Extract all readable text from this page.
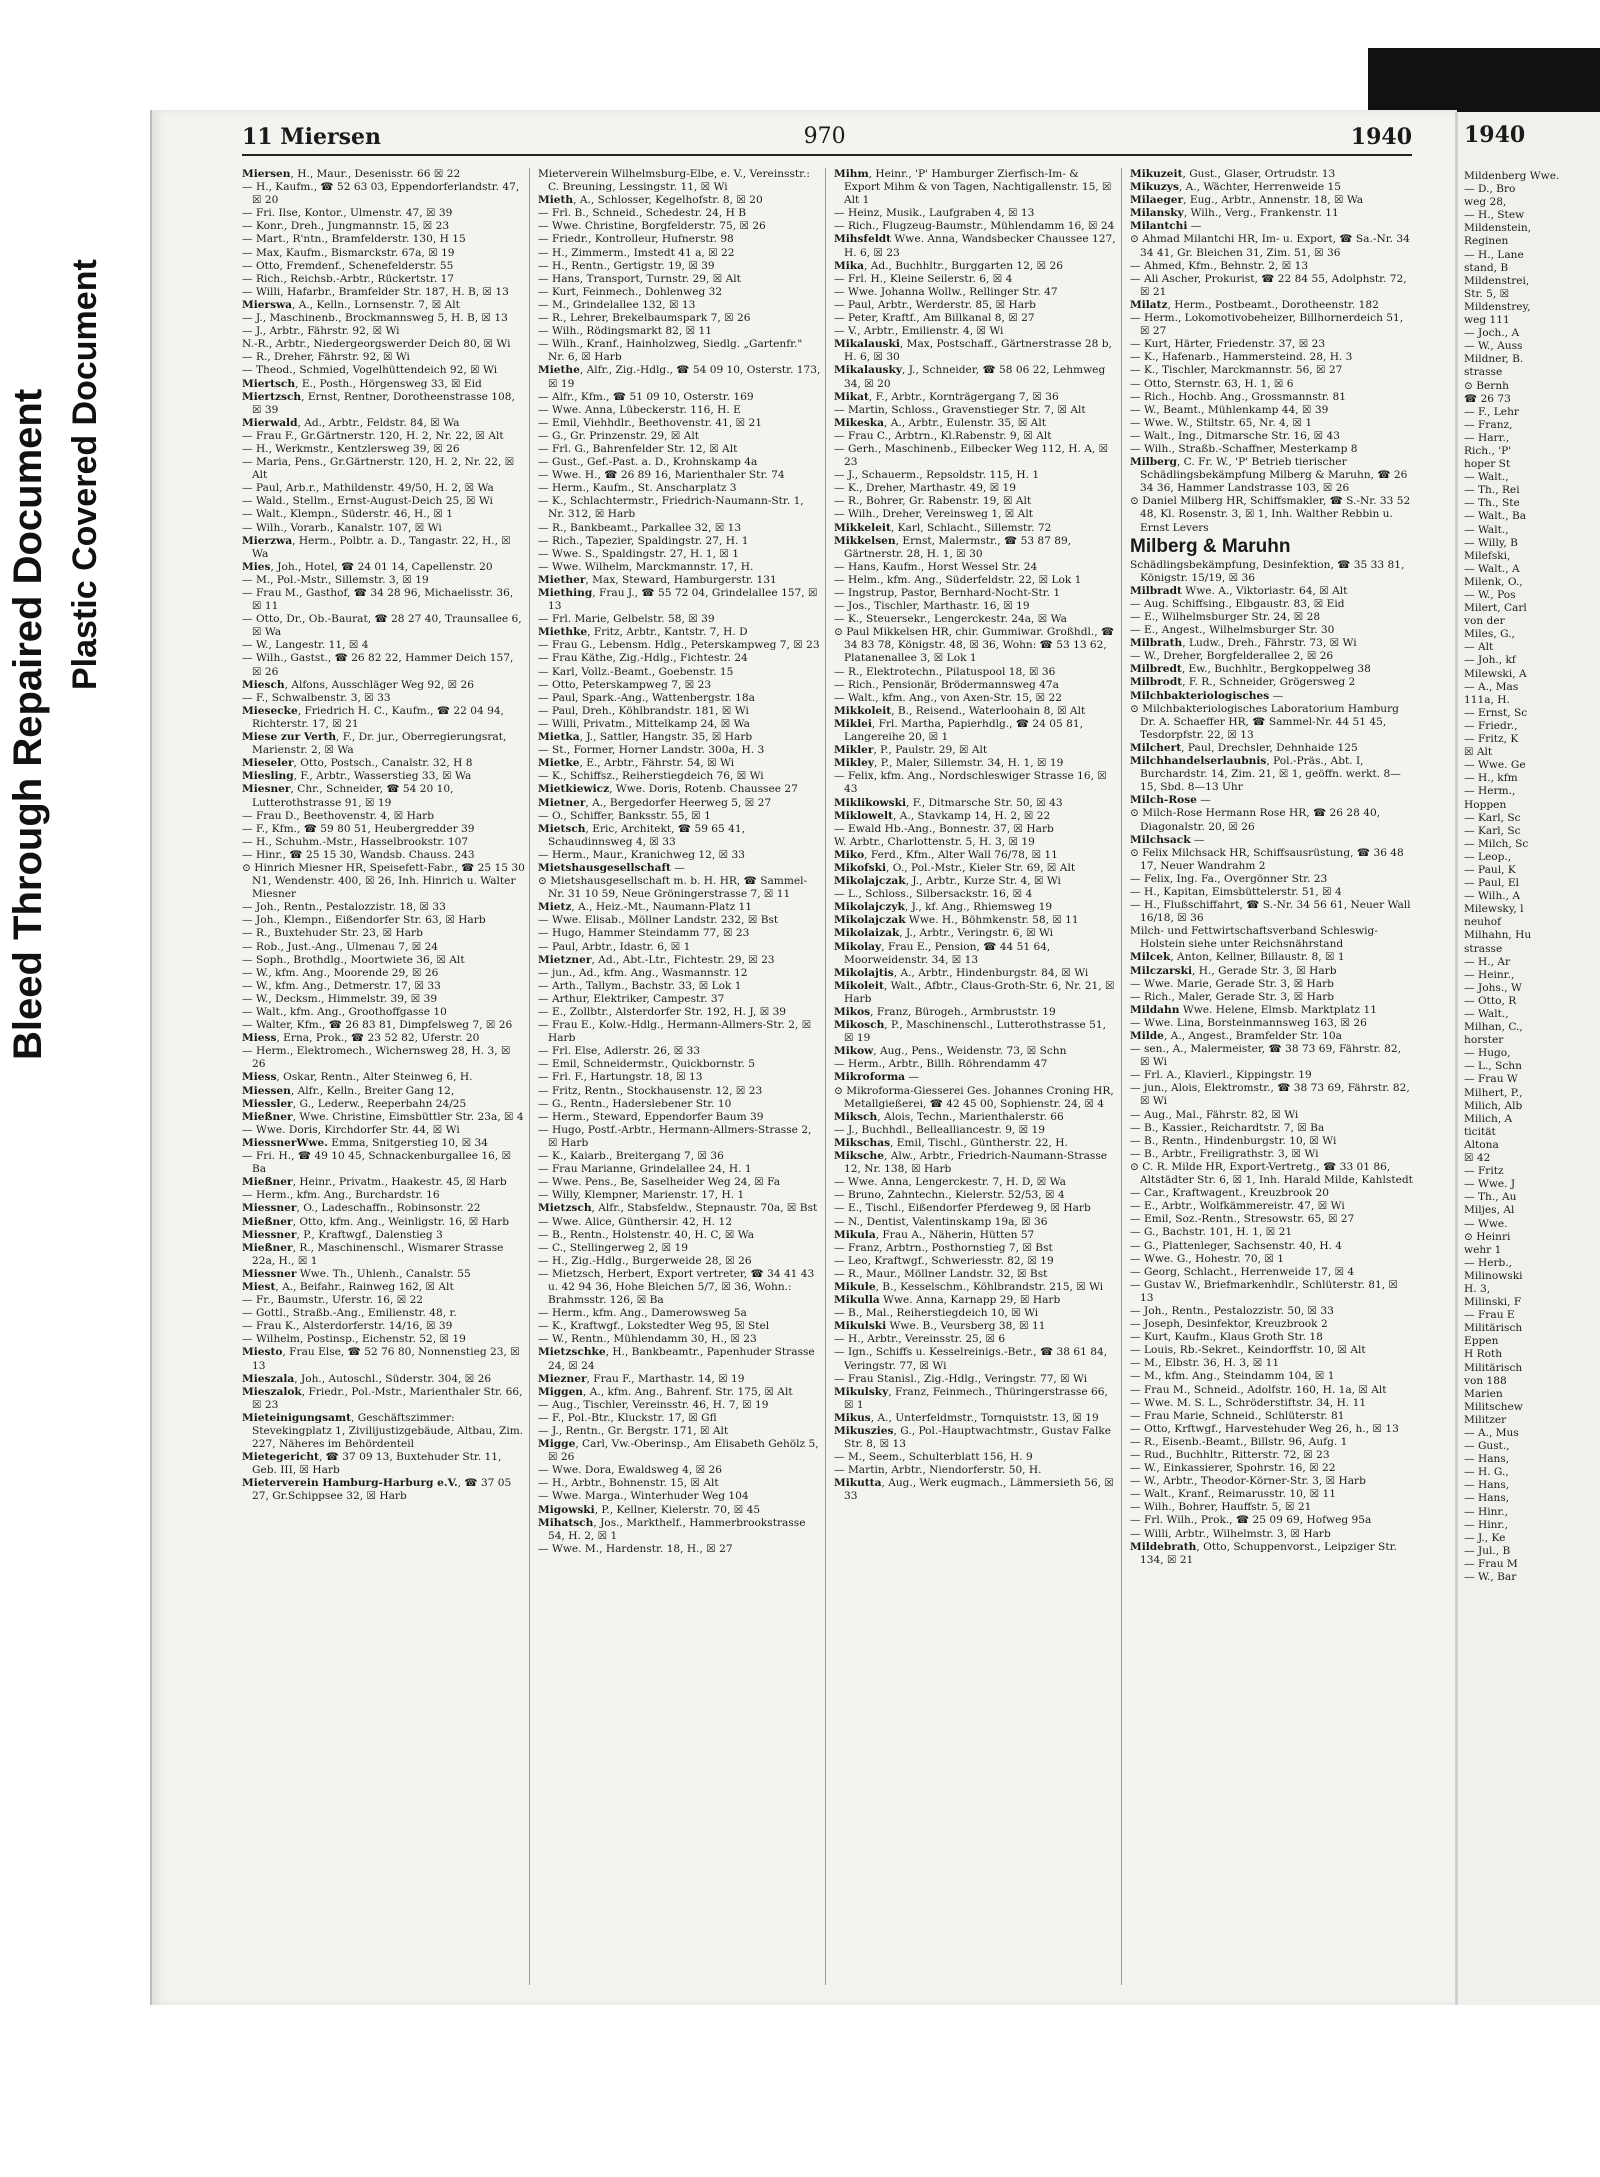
Bleed Through Repaired Document Plastic Covered Document
11 Miersen	970	1940

Miersen, H., Maur., Desenisstr. 66 ☒ 22

— H., Kaufm., ☎ 52 63 03, Eppendorferlandstr. 47, ☒ 20

— Fri. Ilse, Kontor., Ulmenstr. 47, ☒ 39

— Konr., Dreh., Jungmannstr. 15, ☒ 23

— Mart., R'ntn., Bramfelderstr. 130, H 15

— Max, Kaufm., Bismarckstr. 67a, ☒ 19

— Otto, Fremdenf., Schenefelderstr. 55

— Rich., Reichsb.-Arbtr., Rückertstr. 17

— Willi, Hafarbr., Bramfelder Str. 187, H. B, ☒ 13

Mierswa, A., Kelln., Lornsenstr. 7, ☒ Alt

— J., Maschinenb., Brockmannsweg 5, H. B, ☒ 13

— J., Arbtr., Fährstr. 92, ☒ Wi

N.-R., Arbtr., Niedergeorgswerder Deich 80, ☒ Wi

— R., Dreher, Fährstr. 92, ☒ Wi

— Theod., Schmied, Vogelhüttendeich 92, ☒ Wi

Miertsch, E., Posth., Hörgensweg 33, ☒ Eid

Miertzsch, Ernst, Rentner, Dorotheenstrasse 108, ☒ 39

Mierwald, Ad., Arbtr., Feldstr. 84, ☒ Wa

— Frau F., Gr.Gärtnerstr. 120, H. 2, Nr. 22, ☒ Alt

— H., Werkmstr., Kentzlersweg 39, ☒ 26

— Maria, Pens., Gr.Gärtnerstr. 120, H. 2, Nr. 22, ☒ Alt

— Paul, Arb.r., Mathildenstr. 49/50, H. 2, ☒ Wa

— Wald., Stellm., Ernst-August-Deich 25, ☒ Wi

— Walt., Klempn., Süderstr. 46, H., ☒ 1

— Wilh., Vorarb., Kanalstr. 107, ☒ Wi

Mierzwa, Herm., Polbtr. a. D., Tangastr. 22, H., ☒ Wa

Mies, Joh., Hotel, ☎ 24 01 14, Capellenstr. 20

— M., Pol.-Mstr., Sillemstr. 3, ☒ 19

— Frau M., Gasthof, ☎ 34 28 96, Michaelisstr. 36, ☒ 11

— Otto, Dr., Ob.-Baurat, ☎ 28 27 40, Traunsallee 6, ☒ Wa

— W., Langestr. 11, ☒ 4

— Wilh., Gastst., ☎ 26 82 22, Hammer Deich 157, ☒ 26

Miesch, Alfons, Ausschläger Weg 92, ☒ 26

— F., Schwalbenstr. 3, ☒ 33

Miesecke, Friedrich H. C., Kaufm., ☎ 22 04 94, Richterstr. 17, ☒ 21

Miese zur Verth, F., Dr. jur., Oberregierungsrat, Marienstr. 2, ☒ Wa

Mieseler, Otto, Postsch., Canalstr. 32, H 8

Miesling, F., Arbtr., Wasserstieg 33, ☒ Wa

Miesner, Chr., Schneider, ☎ 54 20 10, Lutterothstrasse 91, ☒ 19

— Frau D., Beethovenstr. 4, ☒ Harb

— F., Kfm., ☎ 59 80 51, Heubergredder 39

— H., Schuhm.-Mstr., Hasselbrookstr. 107

— Hinr., ☎ 25 15 30, Wandsb. Chauss. 243

⊙ Hinrich Miesner HR, Speisefett-Fabr., ☎ 25 15 30 N1, Wendenstr. 400, ☒ 26, Inh. Hinrich u. Walter Miesner

— Joh., Rentn., Pestalozzistr. 18, ☒ 33

— Joh., Klempn., Eißendorfer Str. 63, ☒ Harb

— R., Buxtehuder Str. 23, ☒ Harb

— Rob., Just.-Ang., Ulmenau 7, ☒ 24

— Soph., Brothdlg., Moortwiete 36, ☒ Alt

— W., kfm. Ang., Moorende 29, ☒ 26

— W., kfm. Ang., Detmerstr. 17, ☒ 33

— W., Decksm., Himmelstr. 39, ☒ 39

— Walt., kfm. Ang., Groothoffgasse 10

— Walter, Kfm., ☎ 26 83 81, Dimpfelsweg 7, ☒ 26

Miess, Erna, Prok., ☎ 23 52 82, Uferstr. 20

— Herm., Elektromech., Wichernsweg 28, H. 3, ☒ 26

Miess, Oskar, Rentn., Alter Steinweg 6, H.

Miessen, Alfr., Kelln., Breiter Gang 12,

Miessler, G., Lederw., Reeperbahn 24/25

Mießner, Wwe. Christine, Eimsbüttler Str. 23a, ☒ 4

— Wwe. Doris, Kirchdorfer Str. 44, ☒ Wi

MiessnerWwe. Emma, Snitgerstieg 10, ☒ 34

— Fri. H., ☎ 49 10 45, Schnackenburgallee 16, ☒ Ba

Mießner, Heinr., Privatm., Haakestr. 45, ☒ Harb

— Herm., kfm. Ang., Burchardstr. 16

Miessner, O., Ladeschaffn., Robinsonstr. 22

Mießner, Otto, kfm. Ang., Weinligstr. 16, ☒ Harb

Miessner, P., Kraftwgf., Dalenstieg 3

Mießner, R., Maschinenschl., Wismarer Strasse 22a, H., ☒ 1

Miessner Wwe. Th., Uhlenh., Canalstr. 55

Miest, A., Beifahr., Rainweg 162, ☒ Alt

— Fr., Baumstr., Uferstr. 16, ☒ 22

— Gottl., Straßb.-Ang., Emilienstr. 48, r.

— Frau K., Alsterdorferstr. 14/16, ☒ 39

— Wilhelm, Postinsp., Eichenstr. 52, ☒ 19

Miesto, Frau Else, ☎ 52 76 80, Nonnenstieg 23, ☒ 13

Mieszala, Joh., Autoschl., Süderstr. 304, ☒ 26

Mieszalok, Friedr., Pol.-Mstr., Marienthaler Str. 66, ☒ 23

Mieteinigungsamt, Geschäftszimmer: Stevekingplatz 1, Zivilijustizgebäude, Altbau, Zim. 227, Näheres im Behördenteil

Mietegericht, ☎ 37 09 13, Buxtehuder Str. 11, Geb. III, ☒ Harb

Mieterverein Hamburg-Harburg e.V., ☎ 37 05 27, Gr.Schippsee 32, ☒ Harb

Mieterverein Wilhelmsburg-Elbe, e. V., Vereinsstr.: C. Breuning, Lessingstr. 11, ☒ Wi

Mieth, A., Schlosser, Kegelhofstr. 8, ☒ 20

— Frl. B., Schneid., Schedestr. 24, H B

— Wwe. Christine, Borgfelderstr. 75, ☒ 26

— Friedr., Kontrolleur, Hufnerstr. 98

— H., Zimmerm., Imstedt 41 a, ☒ 22

— H., Rentn., Gertigstr. 19, ☒ 39

— Hans, Transport, Turnstr. 29, ☒ Alt

— Kurt, Feinmech., Dohlenweg 32

— M., Grindelallee 132, ☒ 13

— R., Lehrer, Brekelbaumspark 7, ☒ 26

— Wilh., Rödingsmarkt 82, ☒ 11

— Wilh., Kranf., Hainholzweg, Siedlg. „Gartenfr." Nr. 6, ☒ Harb

Miethe, Alfr., Zig.-Hdlg., ☎ 54 09 10, Osterstr. 173, ☒ 19

— Alfr., Kfm., ☎ 51 09 10, Osterstr. 169

— Wwe. Anna, Lübeckerstr. 116, H. E

— Emil, Viehhdlr., Beethovenstr. 41, ☒ 21

— G., Gr. Prinzenstr. 29, ☒ Alt

— Frl. G., Bahrenfelder Str. 12, ☒ Alt

— Gust., Gef.-Past. a. D., Krohnskamp 4a

— Wwe. H., ☎ 26 89 16, Marienthaler Str. 74

— Herm., Kaufm., St. Anscharplatz 3

— K., Schlachtermstr., Friedrich-Naumann-Str. 1, Nr. 312, ☒ Harb

— R., Bankbeamt., Parkallee 32, ☒ 13

— Rich., Tapezier, Spaldingstr. 27, H. 1

— Wwe. S., Spaldingstr. 27, H. 1, ☒ 1

— Wwe. Wilhelm, Marckmannstr. 17, H.

Miether, Max, Steward, Hamburgerstr. 131

Miething, Frau J., ☎ 55 72 04, Grindelallee 157, ☒ 13

— Frl. Marie, Gelbelstr. 58, ☒ 39

Miethke, Fritz, Arbtr., Kantstr. 7, H. D

— Frau G., Lebensm. Hdlg., Peterskampweg 7, ☒ 23

— Frau Käthe, Zig.-Hdlg., Fichtestr. 24

— Karl, Vollz.-Beamt., Goebenstr. 15

— Otto, Peterskampweg 7, ☒ 23

— Paul, Spark.-Ang., Wattenbergstr. 18a

— Paul, Dreh., Köhlbrandstr. 181, ☒ Wi

— Willi, Privatm., Mittelkamp 24, ☒ Wa

Mietka, J., Sattler, Hangstr. 35, ☒ Harb

— St., Former, Horner Landstr. 300a, H. 3

Mietke, E., Arbtr., Fährstr. 54, ☒ Wi

— K., Schiffsz., Reiherstiegdeich 76, ☒ Wi

Mietkiewicz, Wwe. Doris, Rotenb. Chaussee 27

Mietner, A., Bergedorfer Heerweg 5, ☒ 27

— O., Schiffer, Banksstr. 55, ☒ 1

Mietsch, Eric, Architekt, ☎ 59 65 41, Schaudinnsweg 4, ☒ 33

— Herm., Maur., Kranichweg 12, ☒ 33

Mietshausgesellschaft —

⊙ Mietshausgesellschaft m. b. H. HR, ☎ Sammel-Nr. 31 10 59, Neue Gröningerstrasse 7, ☒ 11

Mietz, A., Heiz.-Mt., Naumann-Platz 11

— Wwe. Elisab., Möllner Landstr. 232, ☒ Bst

— Hugo, Hammer Steindamm 77, ☒ 23

— Paul, Arbtr., Idastr. 6, ☒ 1

Mietzner, Ad., Abt.-Ltr., Fichtestr. 29, ☒ 23

— jun., Ad., kfm. Ang., Wasmannstr. 12

— Arth., Tallym., Bachstr. 33, ☒ Lok 1

— Arthur, Elektriker, Campestr. 37

— E., Zollbtr., Alsterdorfer Str. 192, H. J, ☒ 39

— Frau E., Kolw.-Hdlg., Hermann-Allmers-Str. 2, ☒ Harb

— Frl. Else, Adlerstr. 26, ☒ 33

— Emil, Schneidermstr., Quickbornstr. 5

— Frl. F., Hartungstr. 18, ☒ 13

— Fritz, Rentn., Stockhausenstr. 12, ☒ 23

— G., Rentn., Haderslebener Str. 10

— Herm., Steward, Eppendorfer Baum 39

— Hugo, Postf.-Arbtr., Hermann-Allmers-Strasse 2, ☒ Harb

— K., Kaiarb., Breitergang 7, ☒ 36

— Frau Marianne, Grindelallee 24, H. 1

— Wwe. Pens., Be, Saselheider Weg 24, ☒ Fa

— Willy, Klempner, Marienstr. 17, H. 1

Mietzsch, Alfr., Stabsfeldw., Stepnaustr. 70a, ☒ Bst

— Wwe. Alice, Günthersir. 42, H. 12

— B., Rentn., Holstenstr. 40, H. C, ☒ Wa

— C., Stellingerweg 2, ☒ 19

— H., Zig.-Hdlg., Burgerweide 28, ☒ 26

— Mietzsch, Herbert, Export vertreter, ☎ 34 41 43 u. 42 94 36, Hohe Bleichen 5/7, ☒ 36, Wohn.: Brahmsstr. 126, ☒ Ba

— Herm., kfm. Ang., Damerowsweg 5a

— K., Kraftwgf., Lokstedter Weg 95, ☒ Stel

— W., Rentn., Mühlendamm 30, H., ☒ 23

Mietzschke, H., Bankbeamtr., Papenhuder Strasse 24, ☒ 24

Miezner, Frau F., Marthastr. 14, ☒ 19

Miggen, A., kfm. Ang., Bahrenf. Str. 175, ☒ Alt

— Aug., Tischler, Vereinsstr. 46, H. 7, ☒ 19

— F., Pol.-Btr., Kluckstr. 17, ☒ Gfl

— J., Rentn., Gr. Bergstr. 171, ☒ Alt

Migge, Carl, Vw.-Oberinsp., Am Elisabeth Gehölz 5, ☒ 26

— Wwe. Dora, Ewaldsweg 4, ☒ 26

— H., Arbtr., Bohnenstr. 15, ☒ Alt

— Wwe. Marga., Winterhuder Weg 104

Migowski, P., Kellner, Kielerstr. 70, ☒ 45

Mihatsch, Jos., Markthelf., Hammerbrookstrasse 54, H. 2, ☒ 1

— Wwe. M., Hardenstr. 18, H., ☒ 27

Mihm, Heinr., 'P' Hamburger Zierfisch-Im- & Export Mihm & von Tagen, Nachtigallenstr. 15, ☒ Alt 1

— Heinz, Musik., Laufgraben 4, ☒ 13

— Rich., Flugzeug-Baumstr., Mühlendamm 16, ☒ 24

Mihsfeldt Wwe. Anna, Wandsbecker Chaussee 127, H. 6, ☒ 23

Mika, Ad., Buchhltr., Burggarten 12, ☒ 26

— Frl. H., Kleine Seilerstr. 6, ☒ 4

— Wwe. Johanna Wollw., Rellinger Str. 47

— Paul, Arbtr., Werderstr. 85, ☒ Harb

— Peter, Kraftf., Am Billkanal 8, ☒ 27

— V., Arbtr., Emilienstr. 4, ☒ Wi

Mikalauski, Max, Postschaff., Gärtnerstrasse 28 b, H. 6, ☒ 30

Mikalausky, J., Schneider, ☎ 58 06 22, Lehmweg 34, ☒ 20

Mikat, F., Arbtr., Kornträgergang 7, ☒ 36

— Martin, Schloss., Gravenstieger Str. 7, ☒ Alt

Mikeska, A., Arbtr., Eulenstr. 35, ☒ Alt

— Frau C., Arbtrn., Kl.Rabenstr. 9, ☒ Alt

— Gerh., Maschinenb., Eilbecker Weg 112, H. A, ☒ 23

— J., Schauerm., Repsoldstr. 115, H. 1

— K., Dreher, Marthastr. 49, ☒ 19

— R., Bohrer, Gr. Rabenstr. 19, ☒ Alt

— Wilh., Dreher, Vereinsweg 1, ☒ Alt

Mikkeleit, Karl, Schlacht., Sillemstr. 72

Mikkelsen, Ernst, Malermstr., ☎ 53 87 89, Gärtnerstr. 28, H. 1, ☒ 30

— Hans, Kaufm., Horst Wessel Str. 24

— Helm., kfm. Ang., Süderfeldstr. 22, ☒ Lok 1

— Ingstrup, Pastor, Bernhard-Nocht-Str. 1

— Jos., Tischler, Marthastr. 16, ☒ 19

— K., Steuersekr., Lengerckestr. 24a, ☒ Wa

⊙ Paul Mikkelsen HR, chir. Gummiwar. Großhdl., ☎ 34 83 78, Königstr. 48, ☒ 36, Wohn: ☎ 53 13 62, Platanenallee 3, ☒ Lok 1

— R., Elektrotechn., Pilatuspool 18, ☒ 36

— Rich., Pensionär, Brödermannsweg 47a

— Walt., kfm. Ang., von Axen-Str. 15, ☒ 22

Mikkoleit, B., Reisend., Waterloohain 8, ☒ Alt

Miklei, Frl. Martha, Papierhdlg., ☎ 24 05 81, Langereihe 20, ☒ 1

Mikler, P., Paulstr. 29, ☒ Alt

Mikley, P., Maler, Sillemstr. 34, H. 1, ☒ 19

— Felix, kfm. Ang., Nordschleswiger Strasse 16, ☒ 43

Miklikowski, F., Ditmarsche Str. 50, ☒ 43

Miklowelt, A., Stavkamp 14, H. 2, ☒ 22

— Ewald Hb.-Ang., Bonnestr. 37, ☒ Harb

W. Arbtr., Charlottenstr. 5, H. 3, ☒ 19

Miko, Ferd., Kfm., Alter Wall 76/78, ☒ 11

Mikofski, O., Pol.-Mstr., Kieler Str. 69, ☒ Alt

Mikolajczak, J., Arbtr., Kurze Str. 4, ☒ Wi

— L., Schloss., Silbersackstr. 16, ☒ 4

Mikolajczyk, J., kf. Ang., Rhiemsweg 19

Mikolajczak Wwe. H., Böhmkenstr. 58, ☒ 11

Mikolaizak, J., Arbtr., Veringstr. 6, ☒ Wi

Mikolay, Frau E., Pension, ☎ 44 51 64, Moorweidenstr. 34, ☒ 13

Mikolajtis, A., Arbtr., Hindenburgstr. 84, ☒ Wi

Mikoleit, Walt., Afbtr., Claus-Groth-Str. 6, Nr. 21, ☒ Harb

Mikos, Franz, Bürogeh., Armbruststr. 19

Mikosch, P., Maschinenschl., Lutterothstrasse 51, ☒ 19

Mikow, Aug., Pens., Weidenstr. 73, ☒ Schn

— Herm., Arbtr., Billh. Röhrendamm 47

Mikroforma —

⊙ Mikroforma-Giesserei Ges. Johannes Croning HR, Metallgießerei, ☎ 42 45 00, Sophienstr. 24, ☒ 4

Miksch, Alois, Techn., Marienthalerstr. 66

— J., Buchhdl., Bellealliancestr. 9, ☒ 19

Mikschas, Emil, Tischl., Güntherstr. 22, H.

Miksche, Alw., Arbtr., Friedrich-Naumann-Strasse 12, Nr. 138, ☒ Harb

— Wwe. Anna, Lengerckestr. 7, H. D, ☒ Wa

— Bruno, Zahntechn., Kielerstr. 52/53, ☒ 4

— E., Tischl., Eißendorfer Pferdeweg 9, ☒ Harb

— N., Dentist, Valentinskamp 19a, ☒ 36

Mikula, Frau A., Näherin, Hütten 57

— Franz, Arbtrn., Posthornstieg 7, ☒ Bst

— Leo, Kraftwgf., Schweriesstr. 82, ☒ 19

— R., Maur., Möllner Landstr. 32, ☒ Bst

Mikule, B., Kesselschm., Köhlbrandstr. 215, ☒ Wi

Mikulla Wwe. Anna, Karnapp 29, ☒ Harb

— B., Mal., Reiherstiegdeich 10, ☒ Wi

Mikulski Wwe. B., Veursberg 38, ☒ 11

— H., Arbtr., Vereinsstr. 25, ☒ 6

— Ign., Schiffs u. Kesselreinigs.-Betr., ☎ 38 61 84, Veringstr. 77, ☒ Wi

— Frau Stanisl., Zig.-Hdlg., Veringstr. 77, ☒ Wi

Mikulsky, Franz, Feinmech., Thüringerstrasse 66, ☒ 1

Mikus, A., Unterfeldmstr., Tornquiststr. 13, ☒ 19

Mikuszies, G., Pol.-Hauptwachtmstr., Gustav Falke Str. 8, ☒ 13

— M., Seem., Schulterblatt 156, H. 9

— Martin, Arbtr., Niendorferstr. 50, H.

Mikutta, Aug., Werk eugmach., Lämmersieth 56, ☒ 33

Mikuzeit, Gust., Glaser, Ortrudstr. 13

Mikuzys, A., Wächter, Herrenweide 15

Milaeger, Eug., Arbtr., Annenstr. 18, ☒ Wa

Milansky, Wilh., Verg., Frankenstr. 11

Milantchi —

⊙ Ahmad Milantchi HR, Im- u. Export, ☎ Sa.-Nr. 34 34 41, Gr. Bleichen 31, Zim. 51, ☒ 36

— Ahmed, Kfm., Behnstr. 2, ☒ 13

— Ali Ascher, Prokurist, ☎ 22 84 55, Adolphstr. 72, ☒ 21

Milatz, Herm., Postbeamt., Dorotheenstr. 182

— Herm., Lokomotivobeheizer, Billhornerdeich 51, ☒ 27

— Kurt, Härter, Friedenstr. 37, ☒ 23

— K., Hafenarb., Hammersteind. 28, H. 3

— K., Tischler, Marckmannstr. 56, ☒ 27

— Otto, Sternstr. 63, H. 1, ☒ 6

— Rich., Hochb. Ang., Grossmannstr. 81

— W., Beamt., Mühlenkamp 44, ☒ 39

— Wwe. W., Stiltstr. 65, Nr. 4, ☒ 1

— Walt., Ing., Ditmarsche Str. 16, ☒ 43

— Wilh., Straßb.-Schaffner, Mesterkamp 8

Milberg, C. Fr. W., 'P' Betrieb tierischer Schädlingsbekämpfung Milberg & Maruhn, ☎ 26 34 36, Hammer Landstrasse 103, ☒ 26

⊙ Daniel Milberg HR, Schiffsmakler, ☎ S.-Nr. 33 52 48, Kl. Rosenstr. 3, ☒ 1, Inh. Walther Rebbin u. Ernst Levers

Milberg & Maruhn

Schädlingsbekämpfung, Desinfektion, ☎ 35 33 81, Königstr. 15/19, ☒ 36

Milbradt Wwe. A., Viktoriastr. 64, ☒ Alt

— Aug. Schiffsing., Elbgaustr. 83, ☒ Eid

— E., Wilhelmsburger Str. 24, ☒ 28

— E., Angest., Wilhelmsburger Str. 30

Milbrath, Ludw., Dreh., Fährstr. 73, ☒ Wi

— W., Dreher, Borgfelderallee 2, ☒ 26

Milbredt, Ew., Buchhltr., Bergkoppelweg 38

Milbrodt, F. R., Schneider, Grögersweg 2

Milchbakteriologisches —

⊙ Milchbakteriologisches Laboratorium Hamburg Dr. A. Schaeffer HR, ☎ Sammel-Nr. 44 51 45, Tesdorpfstr. 22, ☒ 13

Milchert, Paul, Drechsler, Dehnhaide 125

Milchhandelserlaubnis, Pol.-Präs., Abt. I, Burchardstr. 14, Zim. 21, ☒ 1, geöffn. werkt. 8—15, Sbd. 8—13 Uhr

Milch-Rose —

⊙ Milch-Rose Hermann Rose HR, ☎ 26 28 40, Diagonalstr. 20, ☒ 26

Milchsack —

⊙ Felix Milchsack HR, Schiffsausrüstung, ☎ 36 48 17, Neuer Wandrahm 2

— Felix, Ing. Fa., Overgönner Str. 23

— H., Kapitan, Eimsbüttelerstr. 51, ☒ 4

— H., Flußschiffahrt, ☎ S.-Nr. 34 56 61, Neuer Wall 16/18, ☒ 36

Milch- und Fettwirtschaftsverband Schleswig-Holstein siehe unter Reichsnährstand

Milcek, Anton, Kellner, Billaustr. 8, ☒ 1

Milczarski, H., Gerade Str. 3, ☒ Harb

— Wwe. Marie, Gerade Str. 3, ☒ Harb

— Rich., Maler, Gerade Str. 3, ☒ Harb

Mildahn Wwe. Helene, Elmsb. Marktplatz 11

— Wwe. Lina, Borsteinmannsweg 163, ☒ 26

Milde, A., Angest., Bramfelder Str. 10a

— sen., A., Malermeister, ☎ 38 73 69, Fährstr. 82, ☒ Wi

— Frl. A., Klavierl., Kippingstr. 19

— jun., Alois, Elektromstr., ☎ 38 73 69, Fährstr. 82, ☒ Wi

— Aug., Mal., Fährstr. 82, ☒ Wi

— B., Kassier., Reichardtstr. 7, ☒ Ba

— B., Rentn., Hindenburgstr. 10, ☒ Wi

— B., Arbtr., Freiligrathstr. 3, ☒ Wi

⊙ C. R. Milde HR, Export-Vertretg., ☎ 33 01 86, Altstädter Str. 6, ☒ 1, Inh. Harald Milde, Kahlstedt

— Car., Kraftwagent., Kreuzbrook 20

— E., Arbtr., Wolfkämmereistr. 47, ☒ Wi

— Emil, Soz.-Rentn., Stresowstr. 65, ☒ 27

— G., Bachstr. 101, H. 1, ☒ 21

— G., Plattenleger, Sachsenstr. 40, H. 4

— Wwe. G., Hohestr. 70, ☒ 1

— Georg, Schlacht., Herrenweide 17, ☒ 4

— Gustav W., Briefmarkenhdlr., Schlüterstr. 81, ☒ 13

— Joh., Rentn., Pestalozzistr. 50, ☒ 33

— Joseph, Desinfektor, Kreuzbrook 2

— Kurt, Kaufm., Klaus Groth Str. 18

— Louis, Rb.-Sekret., Keindorffstr. 10, ☒ Alt

— M., Elbstr. 36, H. 3, ☒ 11

— M., kfm. Ang., Steindamm 104, ☒ 1

— Frau M., Schneid., Adolfstr. 160, H. 1a, ☒ Alt

— Wwe. M. S. L., Schröderstiftstr. 34, H. 11

— Frau Marie, Schneid., Schlüterstr. 81

— Otto, Krftwgf., Harvestehuder Weg 26, h., ☒ 13

— R., Eisenb.-Beamt., Billstr. 96, Aufg. 1

— Rud., Buchhltr., Ritterstr. 72, ☒ 23

— W., Einkassierer, Spohrstr. 16, ☒ 22

— W., Arbtr., Theodor-Körner-Str. 3, ☒ Harb

— Walt., Kranf., Reimarusstr. 10, ☒ 11

— Wilh., Bohrer, Hauffstr. 5, ☒ 21

— Frl. Wilh., Prok., ☎ 25 09 69, Hofweg 95a

— Willi, Arbtr., Wilhelmstr. 3, ☒ Harb

Mildebrath, Otto, Schuppenvorst., Leipziger Str. 134, ☒ 21

1940
Mildenberg Wwe.
— D., Bro
weg 28,
— H., Stew
Mildenstein,
Reginen
— H., Lane
stand, B
Mildenstrei,
Str. 5, ☒
Mildenstrey,
weg 111
— Joch., A
— W., Auss
Mildner, B.
strasse
⊙ Bernh
☎ 26 73
— F., Lehr
— Franz,
— Harr.,
Rich., 'P'
hoper St
— Walt.,
— Th., Rei
— Th., Ste
— Walt., Ba
— Walt.,
— Willy, B
Milefski,
— Walt., A
Milenk, O.,
— W., Pos
Milert, Carl
von der
Miles, G.,
— Alt
— Joh., kf
Milewski, A
— A., Mas
111a, H.
— Ernst, Sc
— Friedr.,
— Fritz, K
☒ Alt
— Wwe. Ge
— H., kfm
— Herm.,
Hoppen
— Karl, Sc
— Karl, Sc
— Milch, Sc
— Leop.,
— Paul, K
— Paul, El
— Wilh., A
Milewsky, l
neuhof
Milhahn, Hu
strasse
— H., Ar
— Heinr.,
— Johs., W
— Otto, R
— Walt.,
Milhan, C.,
horster
— Hugo,
— L., Schn
— Frau W
Milhert, P.,
Milich, Alb
Milich, A
ticität
Altona
☒ 42
— Fritz
— Wwe. J
— Th., Au
Miljes, Al
— Wwe.
⊙ Heinri
wehr 1
— Herb.,
Milinowski
H. 3,
Milinski, F
— Frau E
Militärisch
Eppen
H Roth
Militärisch
von 188
Marien
Militschew
Militzer
— A., Mus
— Gust.,
— Hans,
— H. G.,
— Hans,
— Hans,
— Hinr.,
— Hinr.,
— J., Ke
— Jul., B
— Frau M
— W., Bar
